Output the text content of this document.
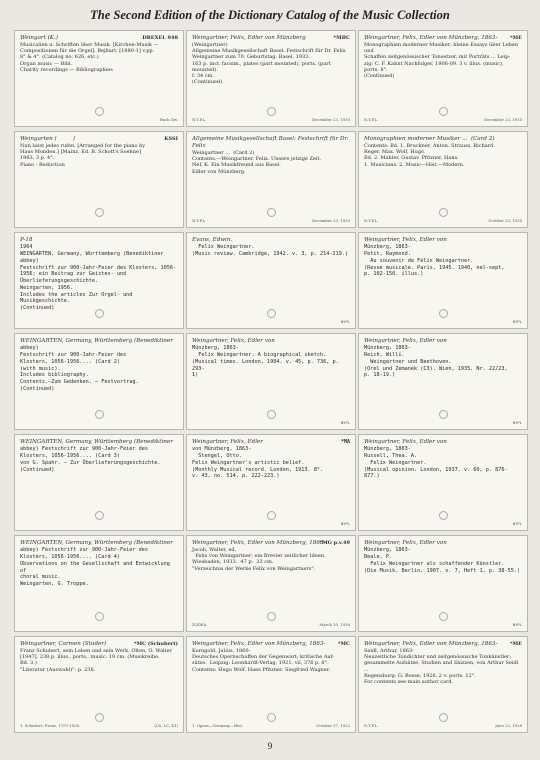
The Second Edition of the Dictionary Catalog of the Music Collection
DREXEL 948
Weingart (K.)
Musicalien u. Schriften über Musik. [Kirchen-Musik —
Compositionen für die Orgel]. Bejhart, [1880-1] v.pp.
8° & 4°. (Catalog no. 626, etc.)
Organ music — Bibl.
Charity recordings — Bibliographies
Bach Div.
*MBC
Weingartner, Felix, Edler von Münzberg
(Weingartner)
Allgemeine Musikgesellschaft Basel: Festschrift für Dr. Felix
Weingartner zum 70. Geburtstag. Basel, 1933.
163 p. incl. facsim., plates (part mounted), ports. (part mounted).
f. 34 cm.
(Continued)
N.Y.P.L.	December 23, 1935
*ME
Weingartner, Felix, Edler von Münzberg, 1863-
Monographien moderner Musiker; kleine Essays über Leben und
Schaffen zeitgenössischer Tonsetzer, mit Porträts ... Leip-
zig: C. F. Kahnt Nachfolger, 1906-09. 3 v. illus. (music),
ports. 8°.
(Continued)
N.Y.P.L.	December 23, 1935
KSSI
Weingarten (         )
Nun lasst jedes rufen. [Arranged for the piano by
Haus Monden.] [Mainz, Ed. B. Schott's Soehne]
1963. 3 p. 4°.
Piano - Reduction
Allgemeine Musikgesellschaft Basel: Festschrift für Dr. Felix
Weingartner ...  (Card 2)
Contents.—Weingartner, Felix. Unsere jetzige Zeit.
Nef, K. Ein Musikfreund aus Basel.
Edler von Münzberg.
N.Y.P.L.	December 23, 1935
Monographien moderner Musiker ...  (Card 2)
Contents: Bd. 1. Bruckner, Anton. Strauss, Richard.
Reger, Max. Wolf, Hugo.
Bd. 2. Mahler, Gustav. Pfitzner, Hans.
1. Musicians. 2. Music—Hist.—Modern.
N.Y.P.L.	October 23, 1935
P-18
1964
WEINGARTEN, Germany, Württemberg (Benediktiner
abbey)
Festschrift zur 900-Jahr-Feier des Klosters, 1056-
1956; ein Beitrag zur Geistes- und Überlieferungsgeschichte.
Weingarten, 1956.
Includes the articles Zur Orgel- und Musikgeschichte.
(Continued)
Evans, Edwin.
Felix Weingartner.
(Music review. Cambridge, 1942. v. 3, p. 214-219.)
NYPL
Weingartner, Felix, Edler von
Münzberg, 1863-
Petit, Raymond.
Au souvenir de Félix Weingartner.
(Revue musicale. Paris, 1945. 1940, nel-sept,
p. 102-150. illus.)
NYPL
WEINGARTEN, Germany, Württemberg (Benediktiner
abbey)
Festschrift zur 900-Jahr-Feier des
Klosters, 1056-1956.... (Card 2)
(with music).
Includes bibliography.
Contents.—Zum Gedenken. — Festvortrag.
(Continued)
Weingartner, Felix, Edler von
Münzberg, 1863-
Felix Weingartner. A biographical sketch.
(Musical times. London, 1904. v. 45, p. 736, p. 293-
1)
NYPL
Weingartner, Felix, Edler von
Münzberg, 1863-
Reich, Willi.
Weingartner und Beethoven.
(Orel und Zemanek (C3). Wien, 1935. Nr. 22/23,
p. 18-19.)
NYPL
WEINGARTEN, Germany, Württemberg (Benediktiner
abbey) Festschrift zur 900-Jahr-Feier des
Klosters, 1056-1956.... (Card 3)
von G. Spahr. — Zur Überlieferungsgeschichte.
(Continued)
*MA
Weingartner, Felix, Edler
von Münzberg, 1863-
Stengel, Otto.
Felix Weingartner's artistic belief.
(Monthly Musical record. London, 1913. 8°.
v. 43, no. 514, p. 222-223.)
NYPL
Weingartner, Felix, Edler von
Münzberg, 1863-
Russell, Thea. A.
Felix Weingartner.
(Musical opinion. London, 1937. v. 60, p. 876-877.)
NYPL
WEINGARTEN, Germany, Württemberg (Benediktiner
abbey) Festschrift zur 900-Jahr-Feier des
Klosters, 1056-1956.... (Card 4)
Observations on the Gesellschaft and Entwicklung of
choral music.
Weingarten, G. Troppe.
*MG p.v.49
Weingartner, Felix, Edler von Münzberg, 1863-
Jacob, Walter, ed.
Felix von Weingartner; ein Brevier zeitlicher Ideen.
Wiesbaden, 1933.  47 p.  23 cm.
"Verzeichnis der Werke Felix von Weingartners".
ZQDEA	March 10, 1936
Weingartner, Felix, Edler von
Münzberg, 1863-
Beale, P.
Felix Weingartner als schaffender Künstler.
(Die Musik. Berlin, 1907. v. 7, Heft 1, p. 38-55.)
NYPL
*MC (Schubert)
Weingartner, Carmen (Studer)
Franz Schubert, sein Leben und sein Werk. Olten, O. Walter
[1947]. 238 p. illus., ports., music. 19 cm. (Musikreihe,
Bd. 3.)
"Literatur (Auswahl)": p. 238.
1. Schubert, Franz, 1797-1828.	(LD, LC, X1)
*MC
Weingartner, Felix, Edler von Münzberg, 1863-
Korngold, Julius, 1860-
Deutsches Opernschaffen der Gegenwart; kritische Auf-
sätze.  Leipzig: Leonhardt-Verlag, 1921. vii, 376 p. 8°.
Contents: Hugo Wolf. Hans Pfitzner. Siegfried Wagner.
1. Opera—Germany—Hist.	October 27, 1922
*ME
Weingartner, Felix, Edler von Münzberg, 1863-
Seidl, Arthur, 1863-
Neuzeitliche Tondichter und zeitgenössische Tonkünstler;
gesammelte Aufsätze, Studien und Skizzen, von Arthur Seidl ...
Regensburg: G. Bosse, 1926. 2 v. ports. 12°.
For contents see main author card.
N.Y.P.L.	June 22, 1926
9
